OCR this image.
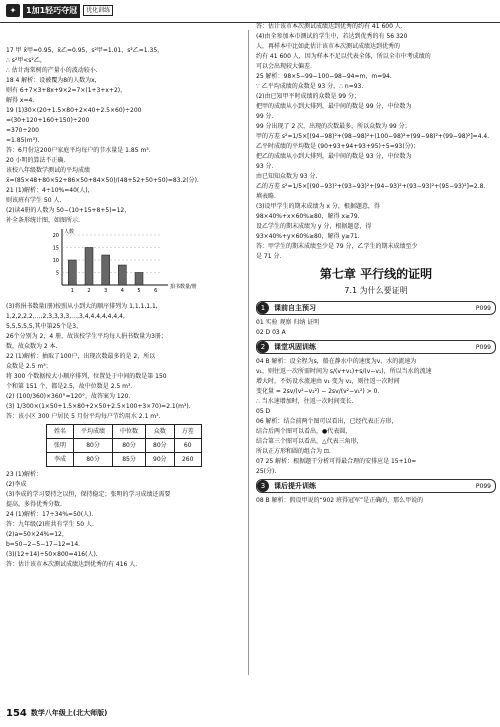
✦	1加1轻巧夺冠	优化训练

17 甲 x̄甲=0.95，x̄乙=0.95，s²甲=1.01，s²乙=1.35，

∴ s²甲<s²乙，

∴ 估计海棠树的产量小的波动较小.

18 4 解析：设被覆为8的人数为x，

则有 6+7×3+8x+9×2=7×(1+3+x+2)，

解得 x=4.

19 (1)30×(20+1.5×80+2×40+2.5×60)÷200

=(30+120+160+150)÷200

=370÷200

=1.85(m³).

答：6月份这200户家庭平均每户的节水量是 1.85 m³.

20 小明的算法不正确.

该校八年级数学测试的平均成绩

x̄=(85×48+80×52+86×50+84×50)/(48+52+50+50)=83.2(分).

21 (1)解析：4÷10%=40(人)，

则该班有学生 50 人.

(2)读4册的人数为 50−(10+15+8+5)=12，

补全条形统计图，如图所示.

20
15
10
5
1	2	3	4	5	6
人数
捐书数量/册

(3)将捐书数量(册)按照从小到大的顺序排列为 1,1,1,1,1,

1,2,2,2,2,…,2,3,3,3,3,…,3,4,4,4,4,4,4,4,

5,5,5,5,5,其中第25个是3，

26个分别为 2，4 册，故该校学生平均每人捐书数量为3册；

数，故众数为 2 本.

22 (1)解析：抽取了100户，出现次数最多的是 2，所以

众数是 2.5 m³；

将 300 个数据按大小顺序排列，位置处于中间的数是第 150

个和第 151 个，都是2.5，故中位数是 2.5 m³.

(2) (100/360)×360°=120°，故答案为 120.

(3) 1/300×(1×50+1.5×80+2×50+2.5×100+3×70)=2.1(m³).

答：该小区 300 户居民 5 月份平均每户节约用水 2.1 m³.

姓名	平均成绩	中位数	众数	方差
张明	80分	80分	80分	60
李成	80分	85分	90分	260

23 (1)解析：

(2)李成

(3)李成的学习要持之以恒，保持稳定；张明的学习成绩还需要

提高，多得优秀分数.

24 (1)解析：17÷34%=50(人).

答：九年级(2)班共有学生 50 人.

(2)a=50×24%=12，

b=50−2−5−17−12=14.

(3)(12+14)÷50×800=416(人).

答：估计该市本次测试成绩达到优秀的有 416 人.

答：估计该市本次测试成绩达到优秀的约有 41 600 人.

(4)由全参加本市测试的学生中，若达到优秀的有 56 320

人，再样本中比如此估计该市本次测试成绩达到优秀的

约有 41 600 人，因为样本不足以代表全体，所以全市中考成绩的

可以会出现较大偏差.

25 解析：98×5−99−100−98−94=m，m=94.

∵ 乙平均成绩的众数是 93 分，∴ n=93.

(2)由已知甲平时成绩的众数是 99 分；

把甲的成绩从小到大排列，最中间的数是 99 分，中位数为

99 分.

99 分出现了 2 次，出现的次数最多，所以众数为 99 分；

甲的方差 s²=1/5×[(94−98)²+(98−98)²+(100−98)²+(99−98)²+(99−98)²]=4.4.

乙平时成绩的平均数是 (90+93+94+93+95)÷5=93(分)；

把乙的成绩从小到大排列，最中间的数是 93 分，中位数为

93 分.

由已知知众数为 93 分.

乙的方差 s²=1/5×[(90−93)²+(93−93)²+(94−93)²+(93−93)²+(95−93)²]=2.8.

填表略.

(3)设甲学生的期末成绩为 x 分，根据题意，得

98×40%+x×60%≥80，解得 x≥79.

设乙学生的期末成绩为 y 分，根据题意，得

93×40%+y×60%≥80，解得 y≥71.

答：甲学生的期末成绩至少是 79 分，乙学生的期末成绩至少

是 71 分.

第七章 平行线的证明
7.1 为什么要证明
1	课前自主预习	P099

01 实验 观察 归纳 证明

02 D 03 A

2	课堂巩固训练	P099

04 B 解析：设全程为s，船在静水中的速度为v，水的流速为

v₁，则往返一次所需时间为 s/(v+v₁)+s/(v−v₁)，所以当水的流速

增大时，不妨设水流速由 v₁ 变为 v₂，则往返一次时间

变化量 = 2sv/(v²−v₂²) − 2sv/(v²−v₁²) > 0.

∴ 当水速增加时，往返一次时间变长.

05 D

06 解析：结合前两个图可以看出，已经代表正方形，

结合后两个图可以看出，●代表圆，

结合第三个图可以看出，△代表三角形，

所以正方形和圆的组合为 ⊡.

07 25 解析：根据题干分析可得最合理的安排应是 15+10=

25(分).

3	课后提升训练	P099

08 B 解析：假设甲说的“902 班得冠军”是正确的，那么甲说的

154 数学八年级上(北大师版)
